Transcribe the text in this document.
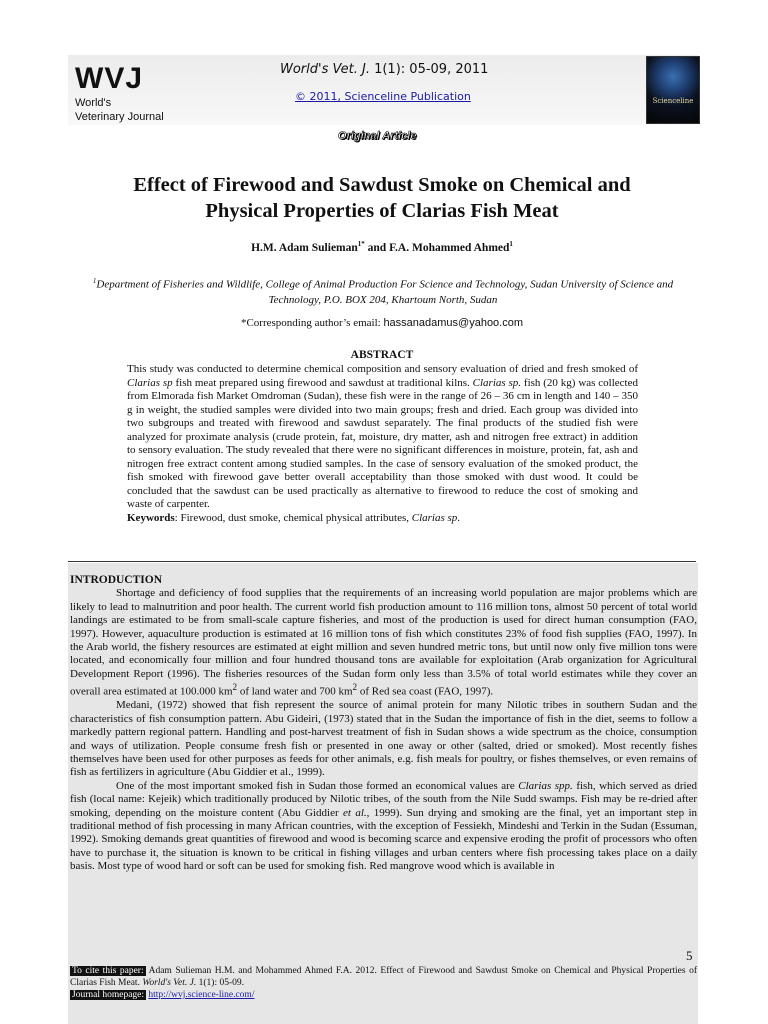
WVJ
World's
Veterinary Journal
World's Vet. J. 1(1): 05-09, 2011
© 2011, Scienceline Publication	Scienceline
Original Article
Effect of Firewood and Sawdust Smoke on Chemical and
Physical Properties of Clarias Fish Meat
H.M. Adam Sulieman$^{1*}$ and F.A. Mohammed Ahmed$^1$
$^1$Department of Fisheries and Wildlife, College of Animal Production For Science and Technology, Sudan University of Science and Technology, P.O. BOX 204, Khartoum North, Sudan
*Corresponding author’s email: hassanadamus@yahoo.com
ABSTRACT
This study was conducted to determine chemical composition and sensory evaluation of dried and fresh smoked of Clarias sp fish meat prepared using firewood and sawdust at traditional kilns. Clarias sp. fish (20 kg) was collected from Elmorada fish Market Omdroman (Sudan), these fish were in the range of 26 – 36 cm in length and 140 – 350 g in weight, the studied samples were divided into two main groups; fresh and dried. Each group was divided into two subgroups and treated with firewood and sawdust separately. The final products of the studied fish were analyzed for proximate analysis (crude protein, fat, moisture, dry matter, ash and nitrogen free extract) in addition to sensory evaluation. The study revealed that there were no significant differences in moisture, protein, fat, ash and nitrogen free extract content among studied samples. In the case of sensory evaluation of the smoked product, the fish smoked with firewood gave better overall acceptability than those smoked with dust wood. It could be concluded that the sawdust can be used practically as alternative to firewood to reduce the cost of smoking and waste of carpenter.
Keywords: Firewood, dust smoke, chemical physical attributes, Clarias sp.
INTRODUCTION

Shortage and deficiency of food supplies that the requirements of an increasing world population are major problems which are likely to lead to malnutrition and poor health. The current world fish production amount to 116 million tons, almost 50 percent of total world landings are estimated to be from small-scale capture fisheries, and most of the production is used for direct human consumption (FAO, 1997). However, aquaculture production is estimated at 16 million tons of fish which constitutes 23% of food fish supplies (FAO, 1997). In the Arab world, the fishery resources are estimated at eight million and seven hundred metric tons, but until now only five million tons were located, and economically four million and four hundred thousand tons are available for exploitation (Arab organization for Agricultural Development Report (1996). The fisheries resources of the Sudan form only less than 3.5% of total world estimates while they cover an overall area estimated at 100.000 $km^2$ of land water and 700 $km^2$ of Red sea coast (FAO, 1997).

Medani, (1972) showed that fish represent the source of animal protein for many Nilotic tribes in southern Sudan and the characteristics of fish consumption pattern. Abu Gideiri, (1973) stated that in the Sudan the importance of fish in the diet, seems to follow a markedly pattern regional pattern. Handling and post-harvest treatment of fish in Sudan shows a wide spectrum as the choice, consumption and ways of utilization. People consume fresh fish or presented in one away or other (salted, dried or smoked). Most recently fishes themselves have been used for other purposes as feeds for other animals, e.g. fish meals for poultry, or fishes themselves, or even remains of fish as fertilizers in agriculture (Abu Giddier et al., 1999).

One of the most important smoked fish in Sudan those formed an economical values are Clarias spp. fish, which served as dried fish (local name: Kejeik) which traditionally produced by Nilotic tribes, of the south from the Nile Sudd swamps. Fish may be re-dried after smoking, depending on the moisture content (Abu Giddier et al., 1999). Sun drying and smoking are the final, yet an important step in traditional method of fish processing in many African countries, with the exception of Fessiekh, Mindeshi and Terkin in the Sudan (Essuman, 1992). Smoking demands great quantities of firewood and wood is becoming scarce and expensive eroding the profit of processors who often have to purchase it, the situation is known to be critical in fishing villages and urban centers where fish processing takes place on a daily basis. Most type of wood hard or soft can be used for smoking fish. Red mangrove wood which is available in

5
To cite this paper: Adam Sulieman H.M. and Mohammed Ahmed F.A. 2012. Effect of Firewood and Sawdust Smoke on Chemical and Physical Properties of Clarias Fish Meat. World's Vet. J. 1(1): 05-09.
Journal homepage: http://wvj.science-line.com/
